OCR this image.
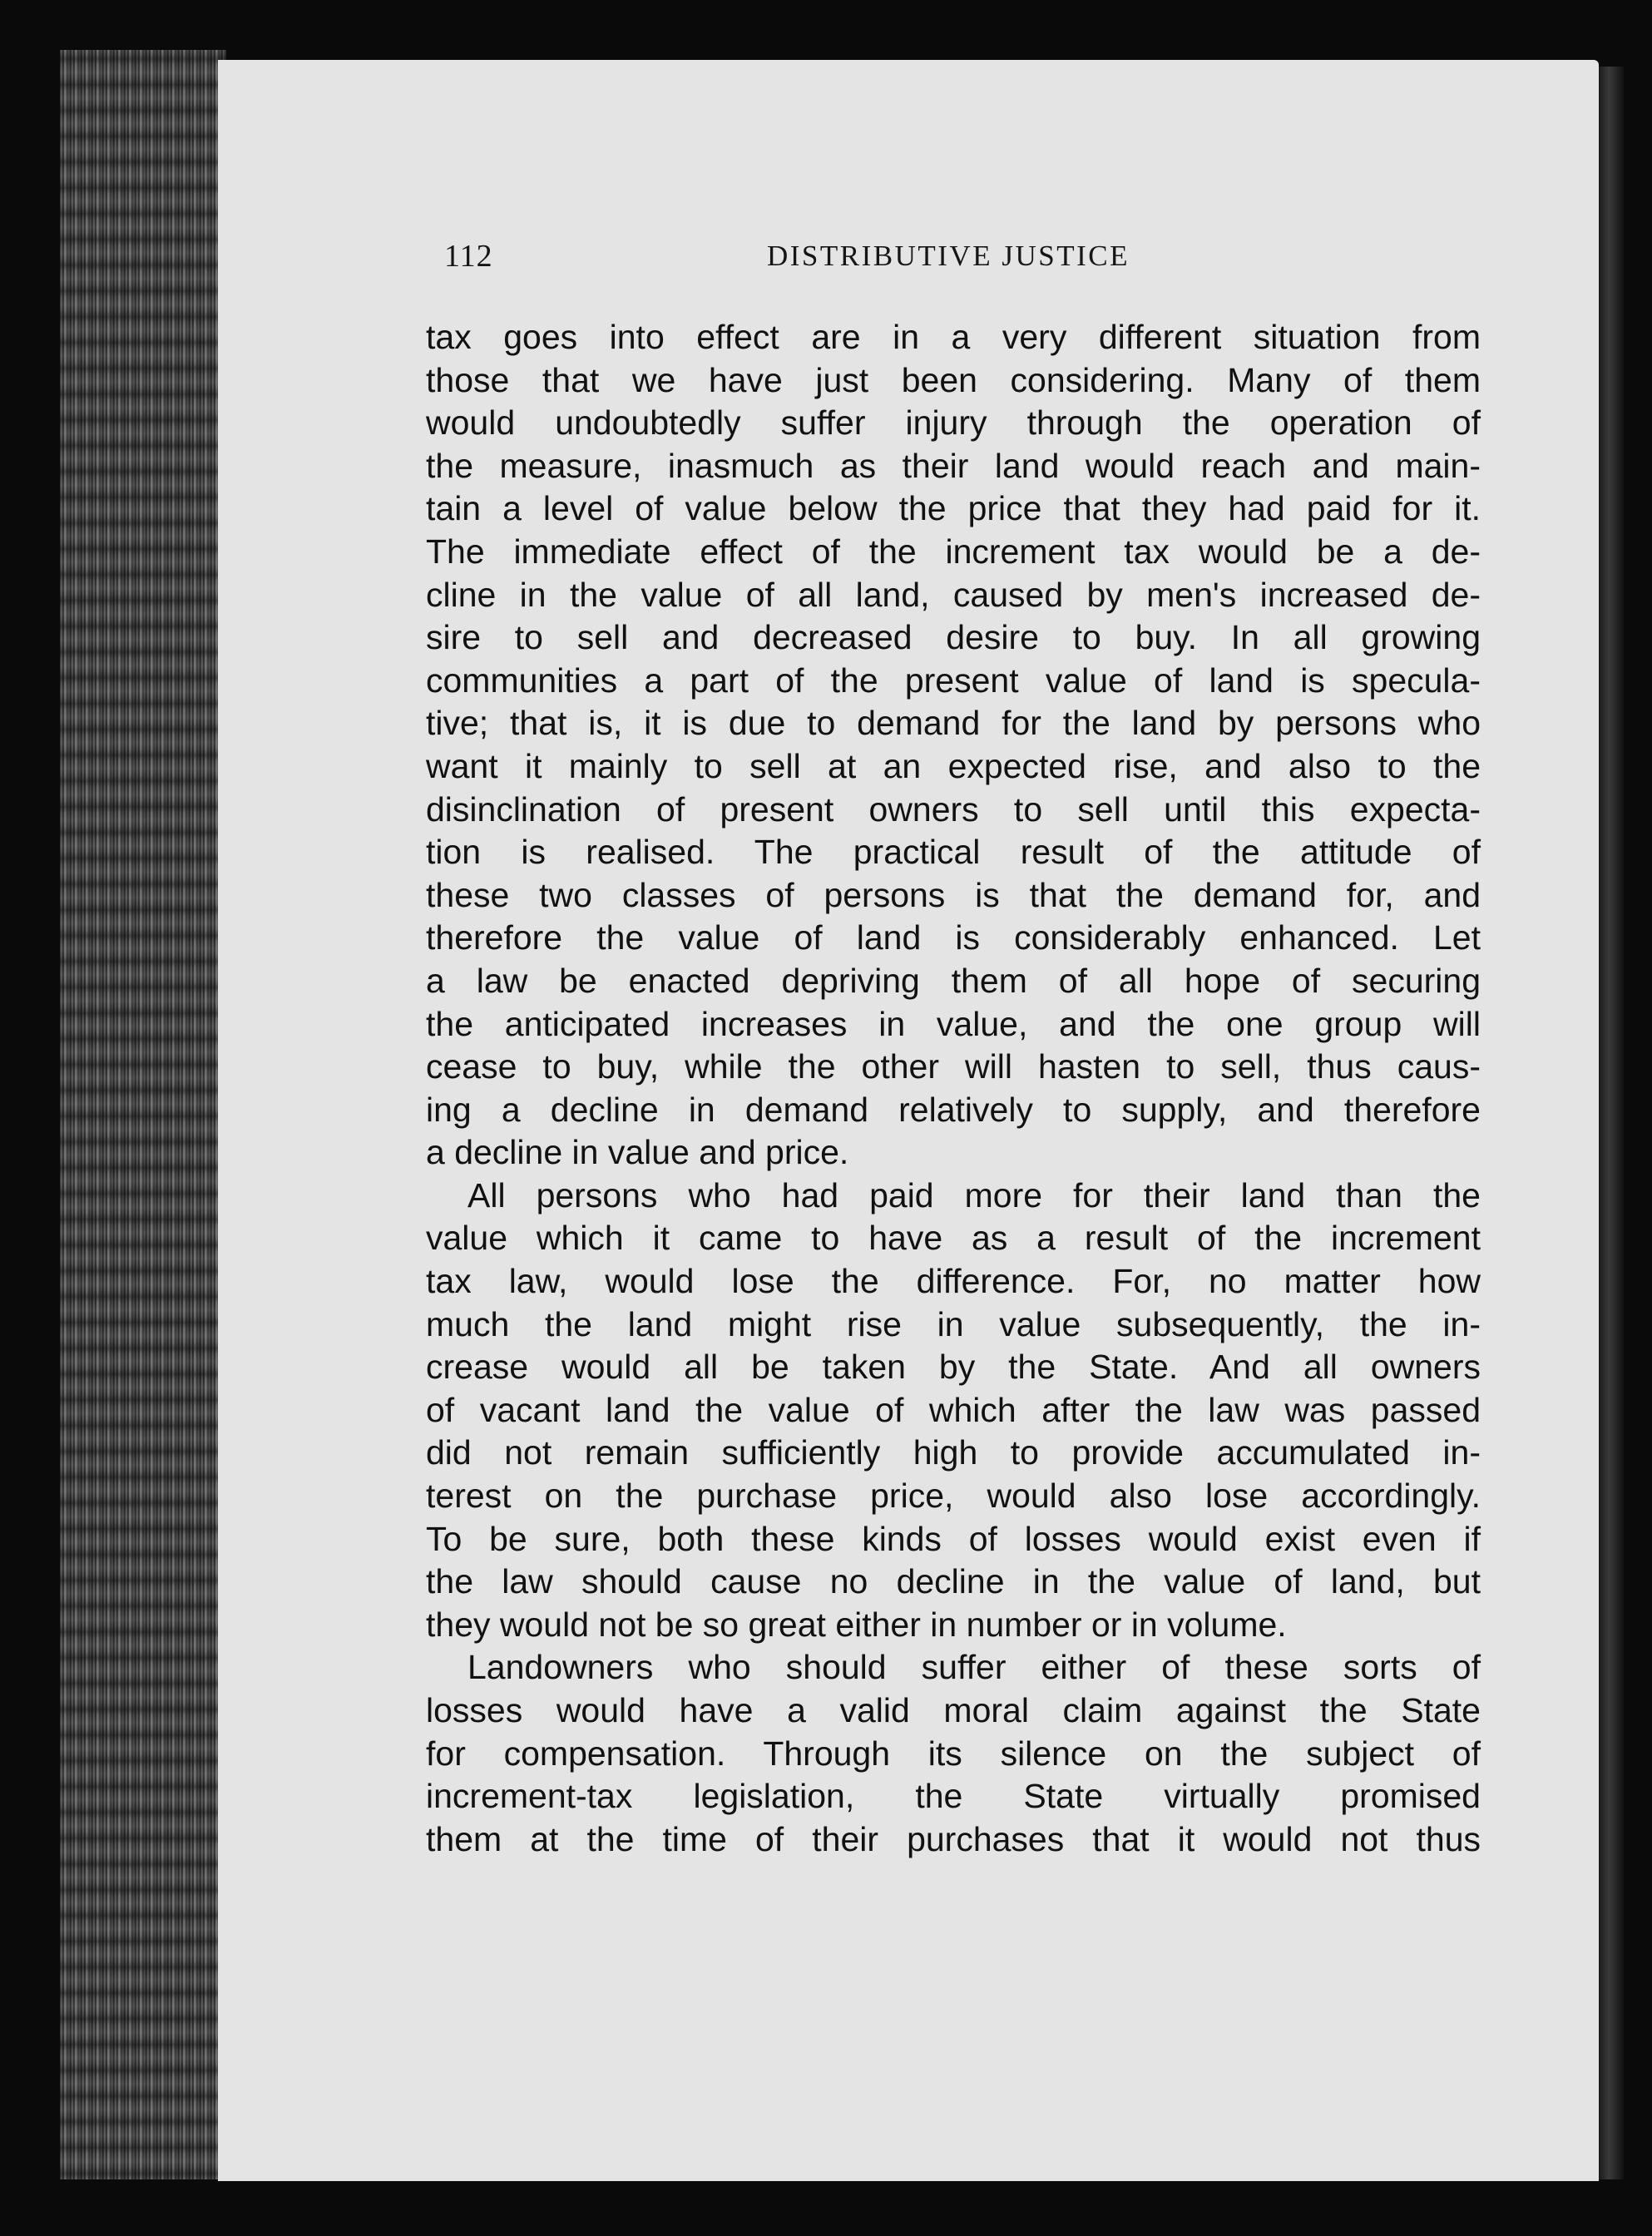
112	DISTRIBUTIVE JUSTICE
tax goes into effect are in a very different situation from
those that we have just been considering. Many of them
would undoubtedly suffer injury through the operation of
the measure, inasmuch as their land would reach and main-
tain a level of value below the price that they had paid for it.
The immediate effect of the increment tax would be a de-
cline in the value of all land, caused by men's increased de-
sire to sell and decreased desire to buy. In all growing
communities a part of the present value of land is specula-
tive; that is, it is due to demand for the land by persons who
want it mainly to sell at an expected rise, and also to the
disinclination of present owners to sell until this expecta-
tion is realised. The practical result of the attitude of
these two classes of persons is that the demand for, and
therefore the value of land is considerably enhanced. Let
a law be enacted depriving them of all hope of securing
the anticipated increases in value, and the one group will
cease to buy, while the other will hasten to sell, thus caus-
ing a decline in demand relatively to supply, and therefore
a decline in value and price.
All persons who had paid more for their land than the
value which it came to have as a result of the increment
tax law, would lose the difference. For, no matter how
much the land might rise in value subsequently, the in-
crease would all be taken by the State. And all owners
of vacant land the value of which after the law was passed
did not remain sufficiently high to provide accumulated in-
terest on the purchase price, would also lose accordingly.
To be sure, both these kinds of losses would exist even if
the law should cause no decline in the value of land, but
they would not be so great either in number or in volume.
Landowners who should suffer either of these sorts of
losses would have a valid moral claim against the State
for compensation. Through its silence on the subject of
increment-tax legislation, the State virtually promised
them at the time of their purchases that it would not thus
